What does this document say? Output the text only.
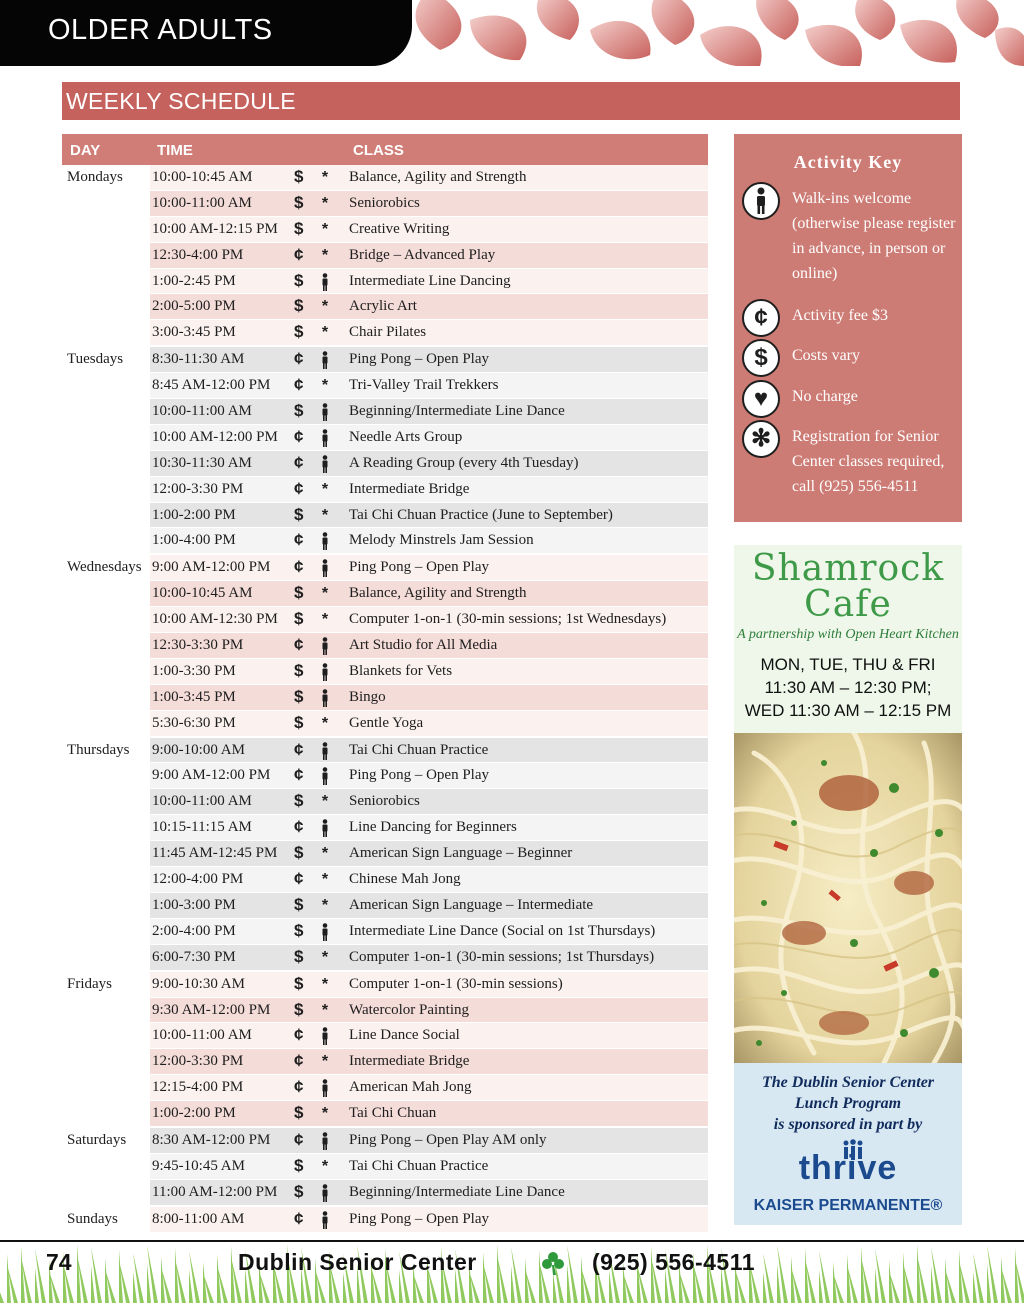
OLDER ADULTS
WEEKLY SCHEDULE
DAY	TIME	CLASS
Mondays 10:00-10:45 AM $ * Balance, Agility and Strength
10:00-11:00 AM $ * Seniorobics
10:00 AM-12:15 PM $ * Creative Writing
12:30-4:00 PM	¢ * Bridge – Advanced Play
1:00-2:45 PM	$	Intermediate Line Dancing
2:00-5:00 PM	$ * Acrylic Art
3:00-3:45 PM	$ * Chair Pilates
Tuesdays 8:30-11:30 AM	¢	Ping Pong – Open Play
8:45 AM-12:00 PM ¢ * Tri-Valley Trail Trekkers
10:00-11:00 AM $	Beginning/Intermediate Line Dance
10:00 AM-12:00 PM ¢	Needle Arts Group
10:30-11:30 AM ¢	A Reading Group (every 4th Tuesday)
12:00-3:30 PM	¢ * Intermediate Bridge
1:00-2:00 PM	$ * Tai Chi Chuan Practice (June to September)
1:00-4:00 PM	¢	Melody Minstrels Jam Session
Wednesdays 9:00 AM-12:00 PM ¢	Ping Pong – Open Play
10:00-10:45 AM $ * Balance, Agility and Strength
10:00 AM-12:30 PM $ * Computer 1-on-1 (30-min sessions; 1st Wednesdays)
12:30-3:30 PM	¢	Art Studio for All Media
1:00-3:30 PM	$	Blankets for Vets
1:00-3:45 PM	$	Bingo
5:30-6:30 PM	$ * Gentle Yoga
Thursdays 9:00-10:00 AM	¢	Tai Chi Chuan Practice
9:00 AM-12:00 PM ¢	Ping Pong – Open Play
10:00-11:00 AM $ * Seniorobics
10:15-11:15 AM ¢	Line Dancing for Beginners
11:45 AM-12:45 PM $ * American Sign Language – Beginner
12:00-4:00 PM	¢ * Chinese Mah Jong
1:00-3:00 PM	$ * American Sign Language – Intermediate
2:00-4:00 PM	$	Intermediate Line Dance (Social on 1st Thursdays)
6:00-7:30 PM	$ * Computer 1-on-1 (30-min sessions; 1st Thursdays)
Fridays	9:00-10:30 AM	$ * Computer 1-on-1 (30-min sessions)
9:30 AM-12:00 PM $ * Watercolor Painting
10:00-11:00 AM ¢	Line Dance Social
12:00-3:30 PM	¢ * Intermediate Bridge
12:15-4:00 PM	¢	American Mah Jong
1:00-2:00 PM	$ * Tai Chi Chuan
Saturdays 8:30 AM-12:00 PM ¢	Ping Pong – Open Play AM only
9:45-10:45 AM	$ * Tai Chi Chuan Practice
11:00 AM-12:00 PM $	Beginning/Intermediate Line Dance
Sundays 8:00-11:00 AM	¢	Ping Pong – Open Play
Activity Key
Walk-ins welcome (otherwise please register in advance, in person or online)
¢	Activity fee $3
$	Costs vary
♥	No charge
✻	Registration for Senior Center classes required, call (925) 556-4511
Shamrock
Cafe
A partnership with Open Heart Kitchen
MON, TUE, THU & FRI
11:30 AM – 12:30 PM;
WED 11:30 AM – 12:15 PM
The Dublin Senior Center
Lunch Program
is sponsored in part by
thrive
KAISER PERMANENTE®
74	Dublin Senior Center	(925) 556-4511
